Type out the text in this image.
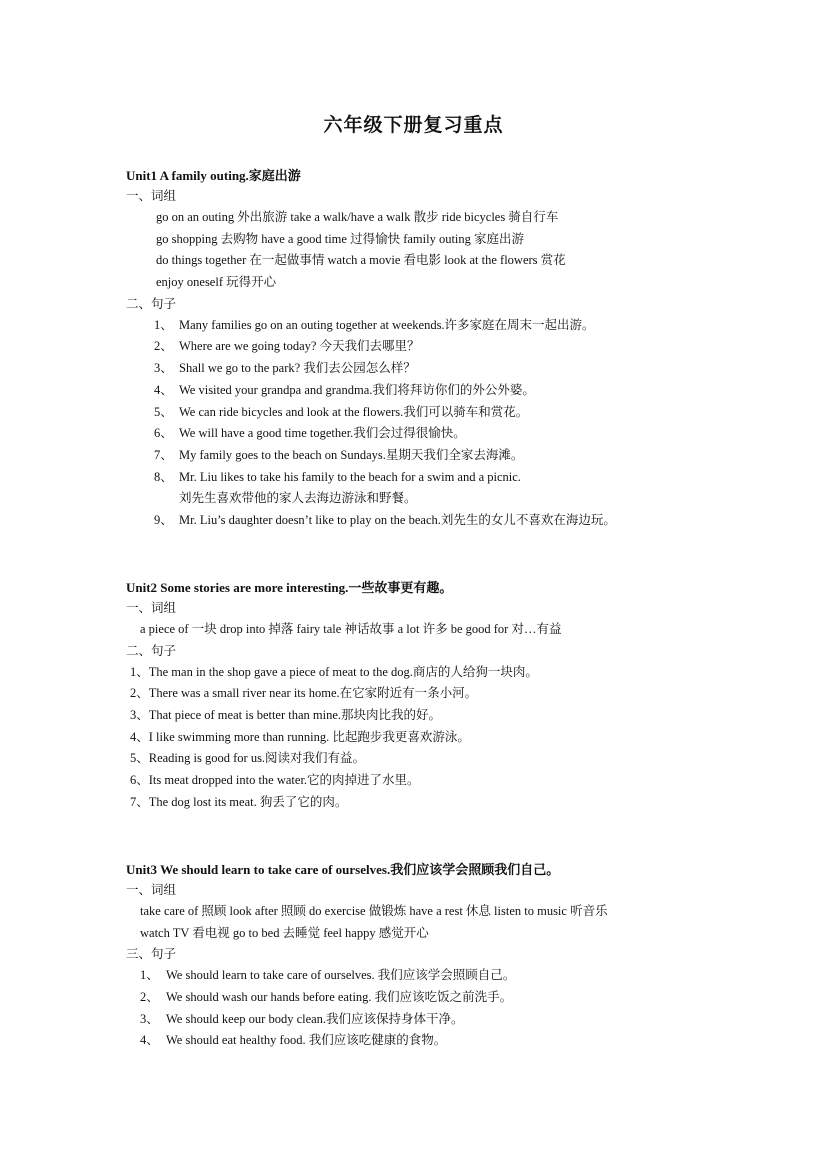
六年级下册复习重点
Unit1 A family outing.家庭出游
一、词组
go on an outing 外出旅游 take a walk/have a walk 散步 ride bicycles 骑自行车
go shopping 去购物 have a good time 过得愉快 family outing 家庭出游
do things together 在一起做事情 watch a movie 看电影 look at the flowers 赏花
enjoy oneself 玩得开心
二、句子
1、 Many families go on an outing together at weekends.许多家庭在周末一起出游。
2、 Where are we going today? 今天我们去哪里？
3、 Shall we go to the park? 我们去公园怎么样？
4、 We visited your grandpa and grandma.我们将拜访你们的外公外婆。
5、 We can ride bicycles and look at the flowers.我们可以骑车和赏花。
6、 We will have a good time together.我们会过得很愉快。
7、 My family goes to the beach on Sundays.星期天我们全家去海滩。
8、 Mr. Liu likes to take his family to the beach for a swim and a picnic.
刘先生喜欢带他的家人去海边游泳和野餐。
9、 Mr. Liu’s daughter doesn’t like to play on the beach.刘先生的女儿不喜欢在海边玩。
Unit2 Some stories are more interesting.一些故事更有趣。
一、词组
a piece of 一块 drop into 掉落 fairy tale 神话故事 a lot 许多 be good for 对…有益
二、句子
1、The man in the shop gave a piece of meat to the dog.商店的人给狗一块肉。
2、There was a small river near its home.在它家附近有一条小河。
3、That piece of meat is better than mine.那块肉比我的好。
4、I like swimming more than running. 比起跑步我更喜欢游泳。
5、Reading is good for us.阅读对我们有益。
6、Its meat dropped into the water.它的肉掉进了水里。
7、The dog lost its meat. 狗丢了它的肉。
Unit3 We should learn to take care of ourselves.我们应该学会照顾我们自己。
一、词组
take care of 照顾 look after 照顾 do exercise 做锻炼 have a rest 休息 listen to music 听音乐
watch TV 看电视 go to bed 去睡觉 feel happy 感觉开心
三、句子
1、 We should learn to take care of ourselves. 我们应该学会照顾自己。
2、 We should wash our hands before eating. 我们应该吃饭之前洗手。
3、 We should keep our body clean.我们应该保持身体干净。
4、 We should eat healthy food. 我们应该吃健康的食物。
